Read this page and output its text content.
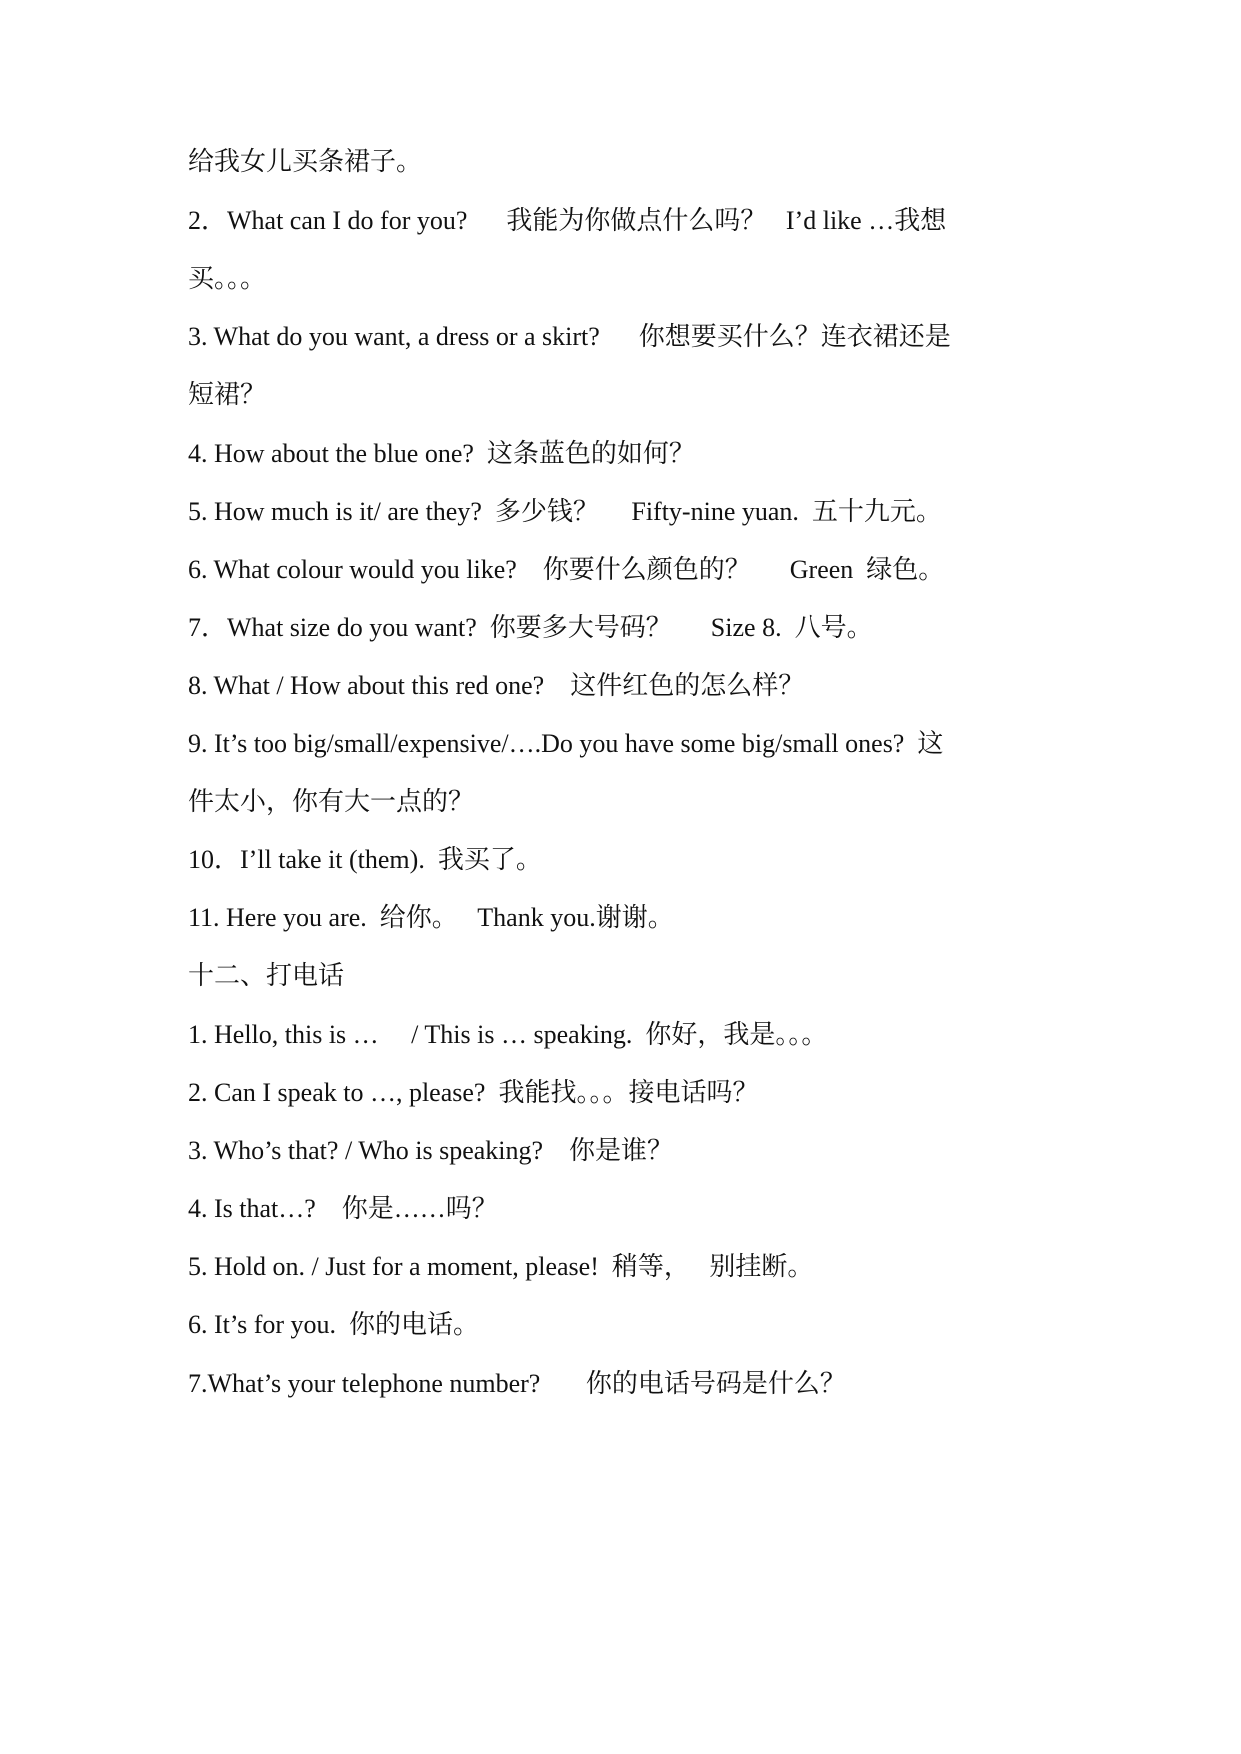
给我女儿买条裙子。
2．What can I do for you?      我能为你做点什么吗？   I’d like …我想
买。。。
3. What do you want, a dress or a skirt?      你想要买什么？连衣裙还是
短裙？
4. How about the blue one?  这条蓝色的如何？
5. How much is it/ are they?  多少钱？     Fifty-nine yuan.  五十九元。
6. What colour would you like?    你要什么颜色的？      Green  绿色。
7．What size do you want?  你要多大号码？      Size 8.  八号。
8. What / How about this red one?    这件红色的怎么样？
9. It’s too big/small/expensive/….Do you have some big/small ones?  这
件太小，你有大一点的？
10．I’ll take it (them).  我买了。
11. Here you are.  给你。   Thank you.谢谢。
十二、打电话
1. Hello, this is …     / This is … speaking.  你好，我是。。。
2. Can I speak to …, please?  我能找。。。接电话吗？
3. Who’s that? / Who is speaking?    你是谁？
4. Is that…?    你是……吗？
5. Hold on. / Just for a moment, please!  稍等，   别挂断。
6. It’s for you.  你的电话。
7.What’s your telephone number?       你的电话号码是什么？
